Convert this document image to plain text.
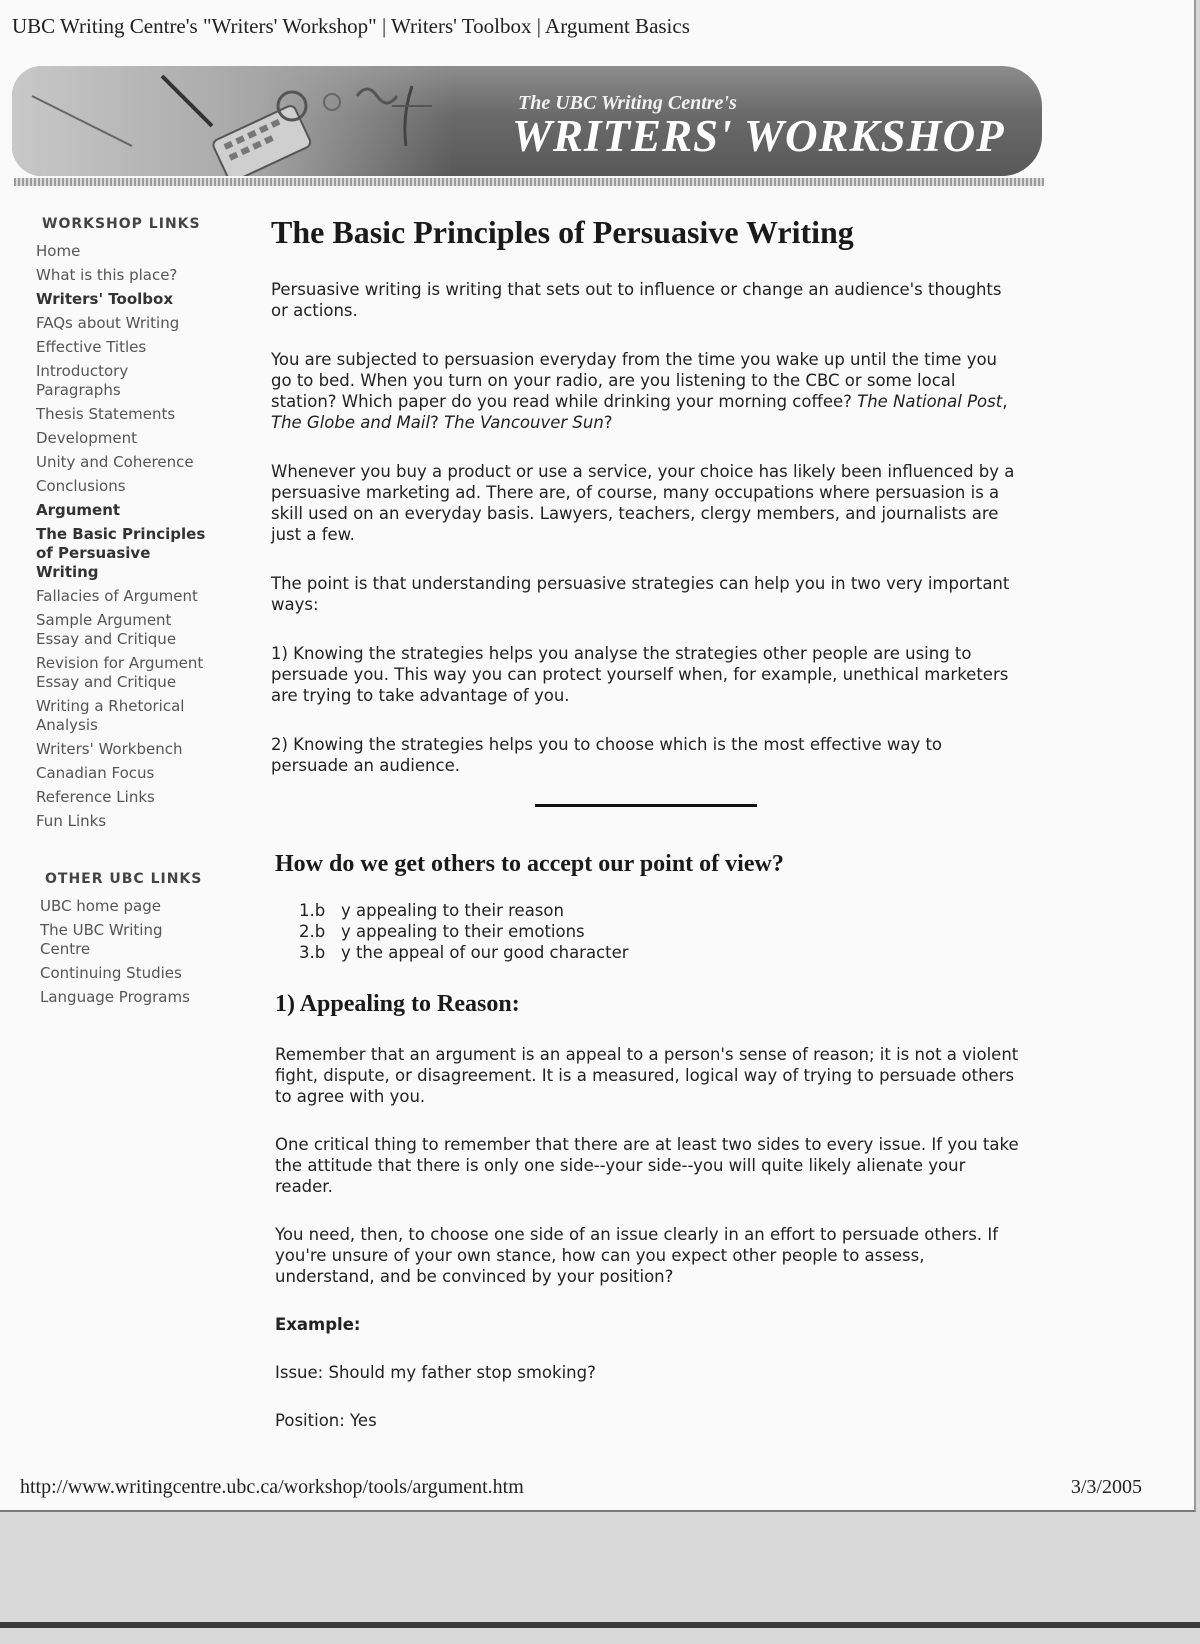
UBC Writing Centre's "Writers' Workshop" | Writers' Toolbox | Argument Basics
The UBC Writing Centre's
WRITERS' WORKSHOP
WORKSHOP LINKS
Home
What is this place?
Writers' Toolbox
FAQs about Writing
Effective Titles
Introductory Paragraphs
Thesis Statements
Development
Unity and Coherence
Conclusions
Argument
The Basic Principles of Persuasive Writing
Fallacies of Argument
Sample Argument Essay and Critique
Revision for Argument Essay and Critique
Writing a Rhetorical Analysis
Writers' Workbench
Canadian Focus
Reference Links
Fun Links
OTHER UBC LINKS
UBC home page
The UBC Writing Centre
Continuing Studies
Language Programs
The Basic Principles of Persuasive Writing

Persuasive writing is writing that sets out to influence or change an audience's thoughts or actions.

You are subjected to persuasion everyday from the time you wake up until the time you go to bed. When you turn on your radio, are you listening to the CBC or some local station? Which paper do you read while drinking your morning coffee? The National Post, The Globe and Mail? The Vancouver Sun?

Whenever you buy a product or use a service, your choice has likely been influenced by a persuasive marketing ad. There are, of course, many occupations where persuasion is a skill used on an everyday basis. Lawyers, teachers, clergy members, and journalists are just a few.

The point is that understanding persuasive strategies can help you in two very important ways:

1) Knowing the strategies helps you analyse the strategies other people are using to persuade you. This way you can protect yourself when, for example, unethical marketers are trying to take advantage of you.

2) Knowing the strategies helps you to choose which is the most effective way to persuade an audience.

How do we get others to accept our point of view?
1.b   y appealing to their reason
2.b   y appealing to their emotions
3.b   y the appeal of our good character
1) Appealing to Reason:

Remember that an argument is an appeal to a person's sense of reason; it is not a violent fight, dispute, or disagreement. It is a measured, logical way of trying to persuade others to agree with you.

One critical thing to remember that there are at least two sides to every issue. If you take the attitude that there is only one side--your side--you will quite likely alienate your reader.

You need, then, to choose one side of an issue clearly in an effort to persuade others. If you're unsure of your own stance, how can you expect other people to assess, understand, and be convinced by your position?

Example:

Issue: Should my father stop smoking?

Position: Yes

http://www.writingcentre.ubc.ca/workshop/tools/argument.htm	3/3/2005
